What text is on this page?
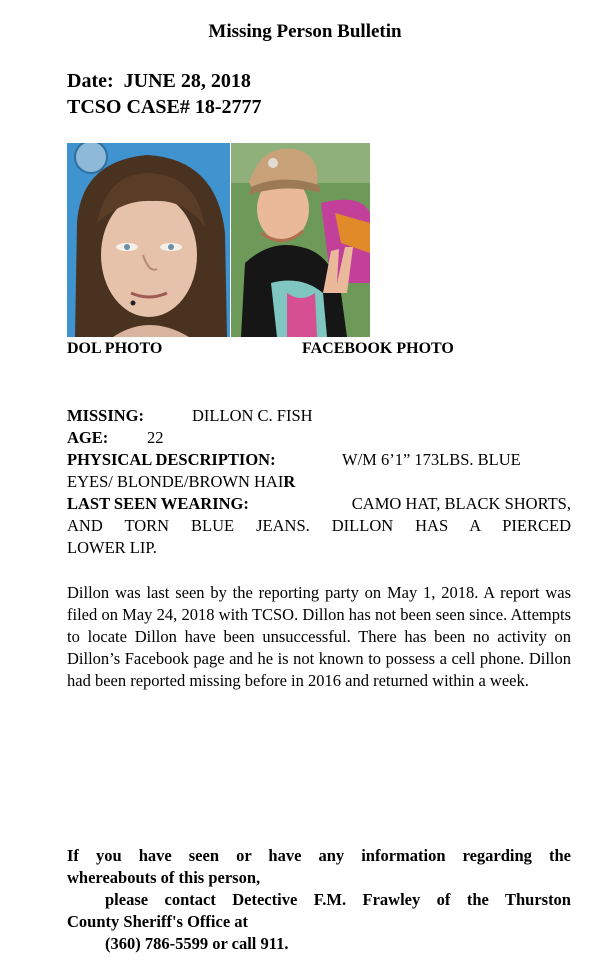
Missing Person Bulletin
Date:  JUNE 28, 2018
TCSO CASE# 18-2777
DOL PHOTO	FACEBOOK PHOTO
MISSING:	DILLON C. FISH
AGE: 22
PHYSICAL DESCRIPTION:	W/M 6’1” 173LBS. BLUE
EYES/ BLONDE/BROWN HAIR
LAST SEEN WEARING:	CAMO HAT, BLACK SHORTS,
AND TORN BLUE JEANS. DILLON HAS A PIERCED
LOWER LIP.
Dillon was last seen by the reporting party on May 1, 2018. A report was filed on May 24, 2018 with TCSO. Dillon has not been seen since. Attempts to locate Dillon have been unsuccessful. There has been no activity on Dillon’s Facebook page and he is not known to possess a cell phone. Dillon had been reported missing before in 2016 and returned within a week.
If you have seen or have any information regarding the
whereabouts of this person,
please contact Detective F.M. Frawley of the Thurston
County Sheriff's Office at
(360) 786-5599 or call 911.
